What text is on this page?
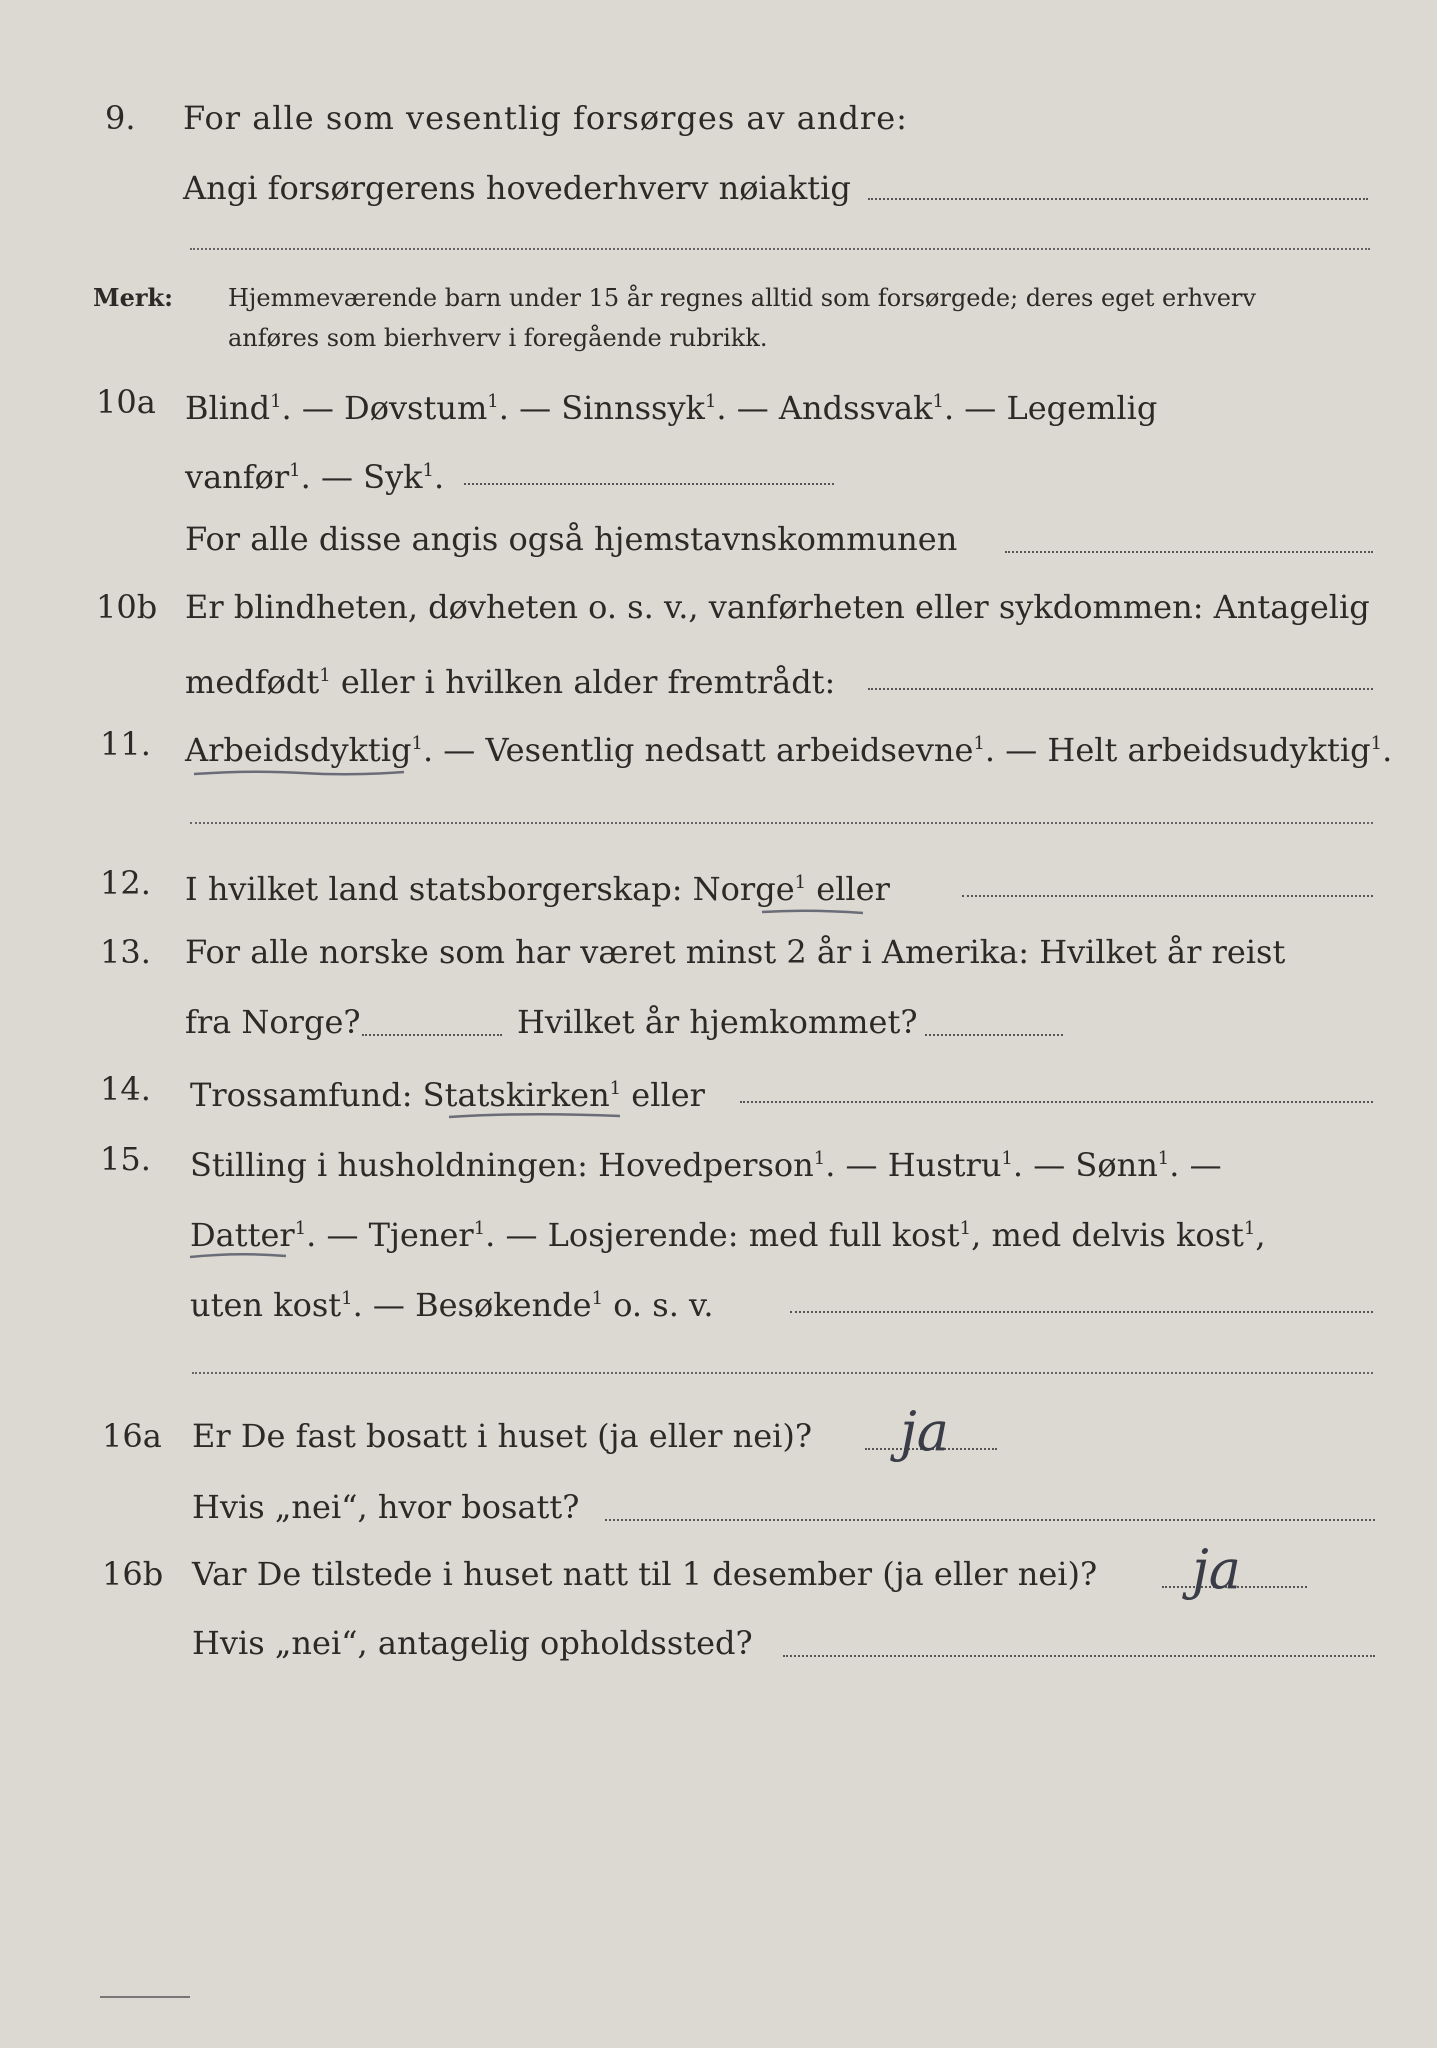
9. For alle som vesentlig forsørges av andre:
Angi forsørgerens hovederhverv nøiaktig
Merk: Hjemmeværende barn under 15 år regnes alltid som forsørgede; deres eget erhverv
anføres som bierhverv i foregående rubrikk.
10a Blind$^1$. — Døvstum$^1$. — Sinnssyk$^1$. — Andssvak$^1$. — Legemlig
vanfør$^1$. — Syk$^1$.
For alle disse angis også hjemstavnskommunen
10b Er blindheten, døvheten o. s. v., vanførheten eller sykdommen: Antagelig
medfødt$^1$ eller i hvilken alder fremtrådt:
11. Arbeidsdyktig$^1$. — Vesentlig nedsatt arbeidsevne$^1$. — Helt arbeidsudyktig$^1$.
12. I hvilket land statsborgerskap: Norge$^1$ eller
13. For alle norske som har været minst 2 år i Amerika: Hvilket år reist
fra Norge?	Hvilket år hjemkommet?
14. Trossamfund: Statskirken$^1$ eller
15. Stilling i husholdningen: Hovedperson$^1$. — Hustru$^1$. — Sønn$^1$. —
Datter$^1$. — Tjener$^1$. — Losjerende: med full kost$^1$, med delvis kost$^1$,
uten kost$^1$. — Besøkende$^1$ o. s. v.
16a Er De fast bosatt i huset (ja eller nei)? ja
Hvis „nei“, hvor bosatt?
16b Var De tilstede i huset natt til 1 desember (ja eller nei)? ja
Hvis „nei“, antagelig opholdssted?
